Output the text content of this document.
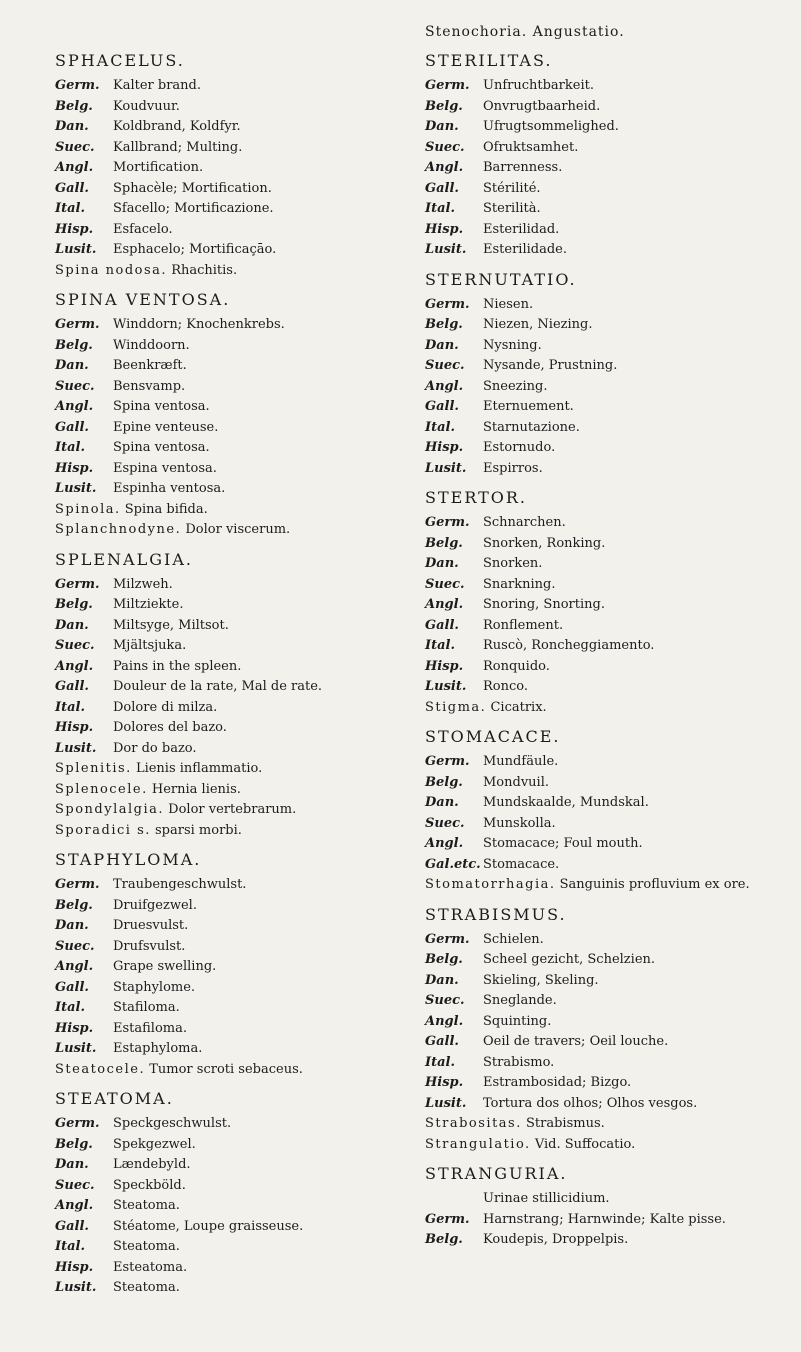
SPHACELUS.
Germ.	Kalter brand.
Belg.	Koudvuur.
Dan.	Koldbrand, Koldfyr.
Suec.	Kallbrand; Multing.
Angl.	Mortification.
Gall.	Sphacèle; Mortification.
Ital.	Sfacello; Mortificazione.
Hisp.	Esfacelo.
Lusit.	Esphacelo; Mortificaçāo.
Spina nodosa. Rhachitis.
SPINA VENTOSA.
Germ.	Winddorn; Knochenkrebs.
Belg.	Winddoorn.
Dan.	Beenkræft.
Suec.	Bensvamp.
Angl.	Spina ventosa.
Gall.	Epine venteuse.
Ital.	Spina ventosa.
Hisp.	Espina ventosa.
Lusit.	Espinha ventosa.
Spinola. Spina bifida.
Splanchnodyne. Dolor viscerum.
SPLENALGIA.
Germ.	Milzweh.
Belg.	Miltziekte.
Dan.	Miltsyge, Miltsot.
Suec.	Mjältsjuka.
Angl.	Pains in the spleen.
Gall.	Douleur de la rate, Mal de rate.
Ital.	Dolore di milza.
Hisp.	Dolores del bazo.
Lusit.	Dor do bazo.
Splenitis. Lienis inflammatio.
Splenocele. Hernia lienis.
Spondylalgia. Dolor vertebrarum.
Sporadici s. sparsi morbi.
STAPHYLOMA.
Germ.	Traubengeschwulst.
Belg.	Druifgezwel.
Dan.	Druesvulst.
Suec.	Drufsvulst.
Angl.	Grape swelling.
Gall.	Staphylome.
Ital.	Stafiloma.
Hisp.	Estafiloma.
Lusit.	Estaphyloma.
Steatocele. Tumor scroti sebaceus.
STEATOMA.
Germ.	Speckgeschwulst.
Belg.	Spekgezwel.
Dan.	Lændebyld.
Suec.	Speckböld.
Angl.	Steatoma.
Gall.	Stéatome, Loupe graisseuse.
Ital.	Steatoma.
Hisp.	Esteatoma.
Lusit.	Steatoma.
STERILITAS.
Germ.	Unfruchtbarkeit.
Belg.	Onvrugtbaarheid.
Dan.	Ufrugtsommelighed.
Suec.	Ofruktsamhet.
Angl.	Barrenness.
Gall.	Stérilité.
Ital.	Sterilità.
Hisp.	Esterilidad.
Lusit.	Esterilidade.
STERNUTATIO.
Germ.	Niesen.
Belg.	Niezen, Niezing.
Dan.	Nysning.
Suec.	Nysande, Prustning.
Angl.	Sneezing.
Gall.	Eternuement.
Ital.	Starnutazione.
Hisp.	Estornudo.
Lusit.	Espirros.
STERTOR.
Germ.	Schnarchen.
Belg.	Snorken, Ronking.
Dan.	Snorken.
Suec.	Snarkning.
Angl.	Snoring, Snorting.
Gall.	Ronflement.
Ital.	Ruscò, Roncheggiamento.
Hisp.	Ronquido.
Lusit.	Ronco.
Stigma. Cicatrix.
STOMACACE.
Germ.	Mundfäule.
Belg.	Mondvuil.
Dan.	Mundskaalde, Mundskal.
Suec.	Munskolla.
Angl.	Stomacace; Foul mouth.
Gal.etc. Stomacace.
Stomatorrhagia. Sanguinis profluvium ex ore.
STRABISMUS.
Germ.	Schielen.
Belg.	Scheel gezicht, Schelzien.
Dan.	Skieling, Skeling.
Suec.	Sneglande.
Angl.	Squinting.
Gall.	Oeil de travers; Oeil louche.
Ital.	Strabismo.
Hisp.	Estrambosidad; Bizgo.
Lusit.	Tortura dos olhos; Olhos vesgos.
Strabositas. Strabismus.
Strangulatio. Vid. Suffocatio.
STRANGURIA.
Urinae stillicidium.
Germ.	Harnstrang; Harnwinde; Kalte pisse.
Belg.	Koudepis, Droppelpis.
Stenochoria. Angustatio.
